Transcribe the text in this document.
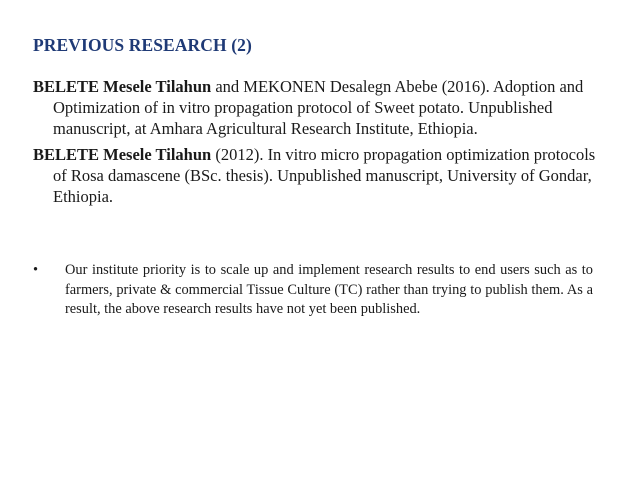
PREVIOUS RESEARCH (2)

BELETE Mesele Tilahun and MEKONEN Desalegn Abebe (2016). Adoption and Optimization of in vitro propagation protocol of Sweet potato. Unpublished manuscript, at Amhara Agricultural Research Institute, Ethiopia.

BELETE Mesele Tilahun (2012). In vitro micro propagation optimization protocols of Rosa damascene (BSc. thesis). Unpublished manuscript, University of Gondar, Ethiopia.

•	Our institute priority is to scale up and implement research results to end users such as to farmers, private & commercial Tissue Culture (TC) rather than trying to publish them. As a result, the above research results have not yet been published.
